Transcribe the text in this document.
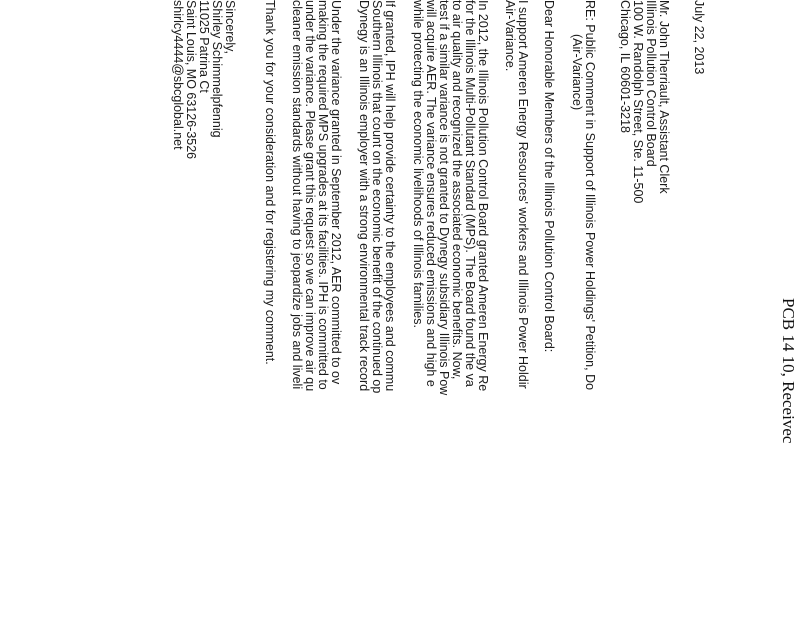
PCB 14 10, Receivec
July 22, 2013
Mr. John Therriault, Assistant Clerk
Illinois Pollution Control Board
100 W. Randolph Street, Ste. 11-500
Chicago, IL 60601-3218
RE: Public Comment in Support of Illinois Power Holdings' Petition, Do
(Air-Variance)
Dear Honorable Members of the Illinois Pollution Control Board:
I support Ameren Energy Resources' workers and Illinois Power Holdir
Air-Variance.
In 2012, the Illinois Pollution Control Board granted Ameren Energy Re
for the Illinois Multi-Pollutant Standard (MPS). The Board found the va
to air quality and recognized the associated economic benefits. Now,
test if a similar variance is not granted to Dynegy subsidiary Illinois Pow
will acquire AER. The variance ensures reduced emissions and high e
while protecting the economic livelihoods of Illinois families.
If granted, IPH will help provide certainty to the employees and commu
Southern Illinois that count on the economic benefit of the continued op
Dynegy is an Illinois employer with a strong environmental track record
Under the variance granted in September 2012, AER committed to ov
making the required MPS upgrades at its facilities. IPH is committed to
under the variance. Please grant this request so we can improve air qu
cleaner emission standards without having to jeopardize jobs and liveli
Thank you for your consideration and for registering my comment.
Sincerely,
Shirley Schimmelpfennig
11025 Patrina Ct
Saint Louis, MO 63126-3526
shirlcy4444@sbcglobal.net
